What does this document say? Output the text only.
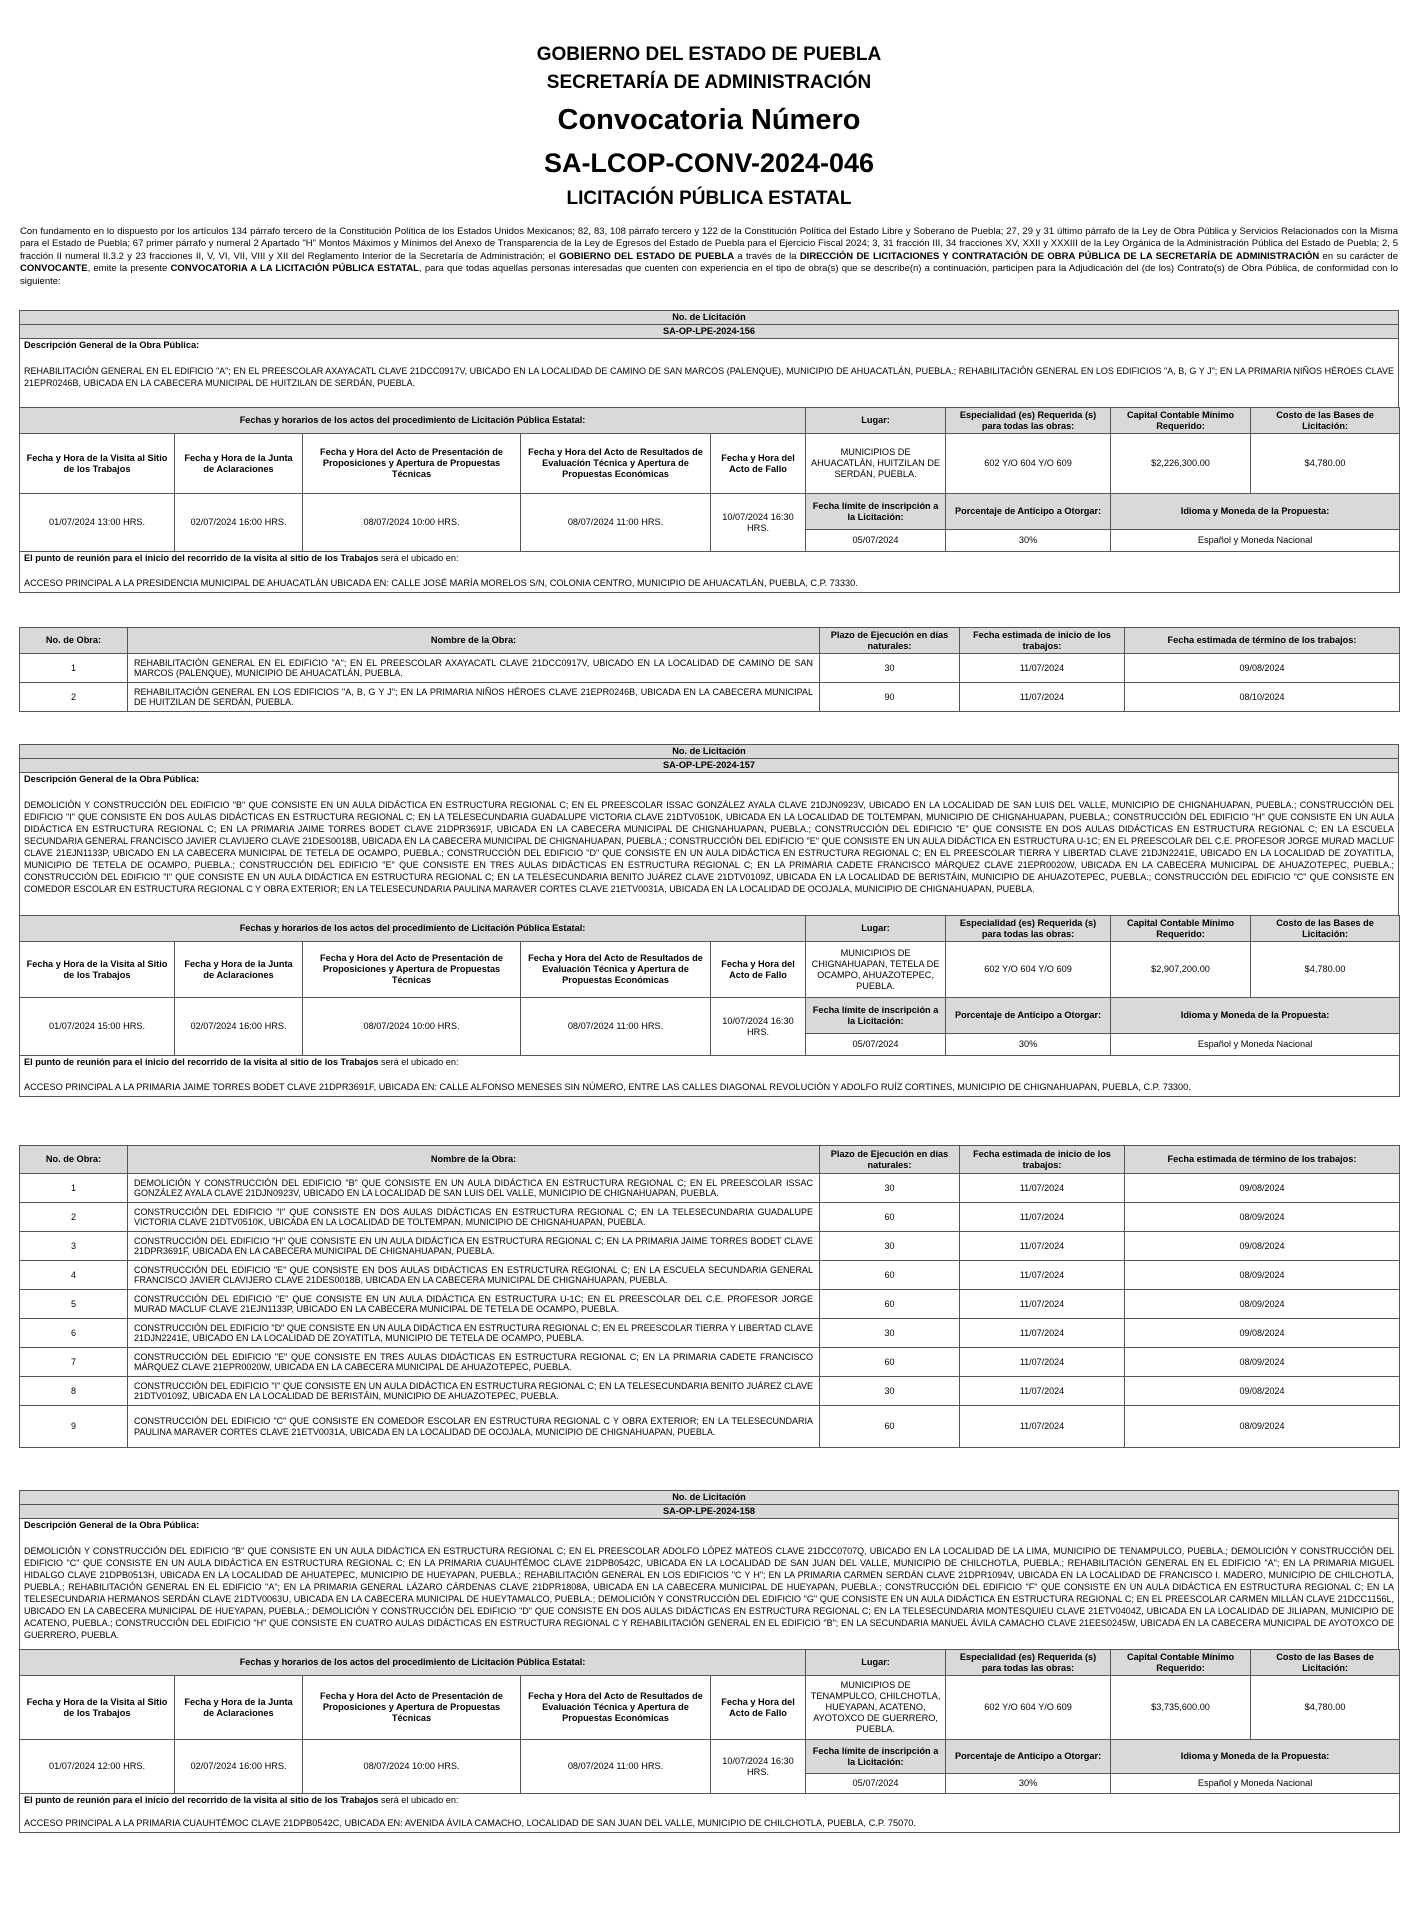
GOBIERNO DEL ESTADO DE PUEBLA
SECRETARÍA DE ADMINISTRACIÓN
Convocatoria Número
SA-LCOP-CONV-2024-046
LICITACIÓN PÚBLICA ESTATAL
Con fundamento en lo dispuesto por los artículos 134 párrafo tercero de la Constitución Política de los Estados Unidos Mexicanos; 82, 83, 108 párrafo tercero y 122 de la Constitución Política del Estado Libre y Soberano de Puebla; 27, 29 y 31 último párrafo de la Ley de Obra Pública y Servicios Relacionados con la Misma para el Estado de Puebla; 67 primer párrafo y numeral 2 Apartado "H" Montos Máximos y Mínimos del Anexo de Transparencia de la Ley de Egresos del Estado de Puebla para el Ejercicio Fiscal 2024; 3, 31 fracción III, 34 fracciones XV, XXII y XXXIII de la Ley Orgánica de la Administración Pública del Estado de Puebla; 2, 5 fracción II numeral II.3.2 y 23 fracciones II, V, VI, VII, VIII y XII del Reglamento Interior de la Secretaría de Administración; el GOBIERNO DEL ESTADO DE PUEBLA a través de la DIRECCIÓN DE LICITACIONES Y CONTRATACIÓN DE OBRA PÚBLICA DE LA SECRETARÍA DE ADMINISTRACIÓN en su carácter de CONVOCANTE, emite la presente CONVOCATORIA A LA LICITACIÓN PÚBLICA ESTATAL, para que todas aquellas personas interesadas que cuenten con experiencia en el tipo de obra(s) que se describe(n) a continuación, participen para la Adjudicación del (de los) Contrato(s) de Obra Pública, de conformidad con lo siguiente:
No. de Licitación
SA-OP-LPE-2024-156

Descripción General de la Obra Pública:
REHABILITACIÓN GENERAL EN EL EDIFICIO "A"; EN EL PREESCOLAR AXAYACATL CLAVE 21DCC0917V, UBICADO EN LA LOCALIDAD DE CAMINO DE SAN MARCOS (PALENQUE), MUNICIPIO DE AHUACATLÁN, PUEBLA.; REHABILITACIÓN GENERAL EN LOS EDIFICIOS "A, B, G Y J"; EN LA PRIMARIA NIÑOS HÉROES CLAVE 21EPR0246B, UBICADA EN LA CABECERA MUNICIPAL DE HUITZILAN DE SERDÁN, PUEBLA.
Fechas y horarios de los actos del procedimiento de Licitación Pública Estatal:					Lugar:	Especialidad (es) Requerida (s) para todas las obras:	Capital Contable Mínimo Requerido:	Costo de las Bases de Licitación:
Fecha y Hora de la Visita al Sitio de los Trabajos	Fecha y Hora de la Junta de Aclaraciones	Fecha y Hora del Acto de Presentación de Proposiciones y Apertura de Propuestas Técnicas	Fecha y Hora del Acto de Resultados de Evaluación Técnica y Apertura de Propuestas Económicas	Fecha y Hora del Acto de Fallo	MUNICIPIOS DE AHUACATLÁN, HUITZILAN DE SERDÁN, PUEBLA.	602 Y/O 604 Y/O 609	$2,226,300.00	$4,780.00
01/07/2024 13:00 HRS.	02/07/2024 16:00 HRS.	08/07/2024 10:00 HRS.	08/07/2024 11:00 HRS.	10/07/2024 16:30 HRS.	Fecha límite de inscripción a la Licitación:	Porcentaje de Anticipo a Otorgar:	Idioma y Moneda de la Propuesta:	
					05/07/2024	30%	Español y Moneda Nacional	

El punto de reunión para el inicio del recorrido de la visita al sitio de los Trabajos será el ubicado en:
ACCESO PRINCIPAL A LA PRESIDENCIA MUNICIPAL DE AHUACATLÁN UBICADA EN: CALLE JOSÉ MARÍA MORELOS S/N, COLONIA CENTRO, MUNICIPIO DE AHUACATLÁN, PUEBLA, C.P. 73330.								
No. de Obra:	Nombre de la Obra:	Plazo de Ejecución en días naturales:	Fecha estimada de inicio de los trabajos:	Fecha estimada de término de los trabajos:
1	REHABILITACIÓN GENERAL EN EL EDIFICIO "A"; EN EL PREESCOLAR AXAYACATL CLAVE 21DCC0917V, UBICADO EN LA LOCALIDAD DE CAMINO DE SAN MARCOS (PALENQUE), MUNICIPIO DE AHUACATLÁN, PUEBLA.	30	11/07/2024	09/08/2024
2	REHABILITACIÓN GENERAL EN LOS EDIFICIOS "A, B, G Y J"; EN LA PRIMARIA NIÑOS HÉROES CLAVE 21EPR0246B, UBICADA EN LA CABECERA MUNICIPAL DE HUITZILAN DE SERDÁN, PUEBLA.	90	11/07/2024	08/10/2024
No. de Licitación
SA-OP-LPE-2024-157

Descripción General de la Obra Pública:
DEMOLICIÓN Y CONSTRUCCIÓN DEL EDIFICIO "B" QUE CONSISTE EN UN AULA DIDÁCTICA EN ESTRUCTURA REGIONAL C; EN EL PREESCOLAR ISSAC GONZÁLEZ AYALA CLAVE 21DJN0923V, UBICADO EN LA LOCALIDAD DE SAN LUIS DEL VALLE, MUNICIPIO DE CHIGNAHUAPAN, PUEBLA.; CONSTRUCCIÓN DEL EDIFICIO "I" QUE CONSISTE EN DOS AULAS DIDÁCTICAS EN ESTRUCTURA REGIONAL C; EN LA TELESECUNDARIA GUADALUPE VICTORIA CLAVE 21DTV0510K, UBICADA EN LA LOCALIDAD DE TOLTEMPAN, MUNICIPIO DE CHIGNAHUAPAN, PUEBLA.; CONSTRUCCIÓN DEL EDIFICIO "H" QUE CONSISTE EN UN AULA DIDÁCTICA EN ESTRUCTURA REGIONAL C; EN LA PRIMARIA JAIME TORRES BODET CLAVE 21DPR3691F, UBICADA EN LA CABECERA MUNICIPAL DE CHIGNAHUAPAN, PUEBLA.; CONSTRUCCIÓN DEL EDIFICIO "E" QUE CONSISTE EN DOS AULAS DIDÁCTICAS EN ESTRUCTURA REGIONAL C; EN LA ESCUELA SECUNDARIA GENERAL FRANCISCO JAVIER CLAVIJERO CLAVE 21DES0018B, UBICADA EN LA CABECERA MUNICIPAL DE CHIGNAHUAPAN, PUEBLA.; CONSTRUCCIÓN DEL EDIFICIO "E" QUE CONSISTE EN UN AULA DIDÁCTICA EN ESTRUCTURA U-1C; EN EL PREESCOLAR DEL C.E. PROFESOR JORGE MURAD MACLUF CLAVE 21EJN1133P, UBICADO EN LA CABECERA MUNICIPAL DE TETELA DE OCAMPO, PUEBLA.; CONSTRUCCIÓN DEL EDIFICIO "D" QUE CONSISTE EN UN AULA DIDÁCTICA EN ESTRUCTURA REGIONAL C; EN EL PREESCOLAR TIERRA Y LIBERTAD CLAVE 21DJN2241E, UBICADO EN LA LOCALIDAD DE ZOYATITLA, MUNICIPIO DE TETELA DE OCAMPO, PUEBLA.; CONSTRUCCIÓN DEL EDIFICIO "E" QUE CONSISTE EN TRES AULAS DIDÁCTICAS EN ESTRUCTURA REGIONAL C; EN LA PRIMARIA CADETE FRANCISCO MÁRQUEZ CLAVE 21EPR0020W, UBICADA EN LA CABECERA MUNICIPAL DE AHUAZOTEPEC, PUEBLA.; CONSTRUCCIÓN DEL EDIFICIO "I" QUE CONSISTE EN UN AULA DIDÁCTICA EN ESTRUCTURA REGIONAL C; EN LA TELESECUNDARIA BENITO JUÁREZ CLAVE 21DTV0109Z, UBICADA EN LA LOCALIDAD DE BERISTÁIN, MUNICIPIO DE AHUAZOTEPEC, PUEBLA.; CONSTRUCCIÓN DEL EDIFICIO "C" QUE CONSISTE EN COMEDOR ESCOLAR EN ESTRUCTURA REGIONAL C Y OBRA EXTERIOR; EN LA TELESECUNDARIA PAULINA MARAVER CORTES CLAVE 21ETV0031A, UBICADA EN LA LOCALIDAD DE OCOJALA, MUNICIPIO DE CHIGNAHUAPAN, PUEBLA.
Fechas y horarios de los actos del procedimiento de Licitación Pública Estatal:					Lugar:	Especialidad (es) Requerida (s) para todas las obras:	Capital Contable Mínimo Requerido:	Costo de las Bases de Licitación:
Fecha y Hora de la Visita al Sitio de los Trabajos	Fecha y Hora de la Junta de Aclaraciones	Fecha y Hora del Acto de Presentación de Proposiciones y Apertura de Propuestas Técnicas	Fecha y Hora del Acto de Resultados de Evaluación Técnica y Apertura de Propuestas Económicas	Fecha y Hora del Acto de Fallo	MUNICIPIOS DE CHIGNAHUAPAN, TETELA DE OCAMPO, AHUAZOTEPEC, PUEBLA.	602 Y/O 604 Y/O 609	$2,907,200.00	$4,780.00
01/07/2024 15:00 HRS.	02/07/2024 16:00 HRS.	08/07/2024 10:00 HRS.	08/07/2024 11:00 HRS.	10/07/2024 16:30 HRS.	Fecha límite de inscripción a la Licitación:	Porcentaje de Anticipo a Otorgar:	Idioma y Moneda de la Propuesta:	
					05/07/2024	30%	Español y Moneda Nacional	

El punto de reunión para el inicio del recorrido de la visita al sitio de los Trabajos será el ubicado en:
ACCESO PRINCIPAL A LA PRIMARIA JAIME TORRES BODET CLAVE 21DPR3691F, UBICADA EN: CALLE ALFONSO MENESES SIN NÚMERO, ENTRE LAS CALLES DIAGONAL REVOLUCIÓN Y ADOLFO RUÍZ CORTINES, MUNICIPIO DE CHIGNAHUAPAN, PUEBLA, C.P. 73300.								
No. de Obra:	Nombre de la Obra:	Plazo de Ejecución en días naturales:	Fecha estimada de inicio de los trabajos:	Fecha estimada de término de los trabajos:
1	DEMOLICIÓN Y CONSTRUCCIÓN DEL EDIFICIO "B" QUE CONSISTE EN UN AULA DIDÁCTICA EN ESTRUCTURA REGIONAL C; EN EL PREESCOLAR ISSAC GONZÁLEZ AYALA CLAVE 21DJN0923V, UBICADO EN LA LOCALIDAD DE SAN LUIS DEL VALLE, MUNICIPIO DE CHIGNAHUAPAN, PUEBLA.	30	11/07/2024	09/08/2024
2	CONSTRUCCIÓN DEL EDIFICIO "I" QUE CONSISTE EN DOS AULAS DIDÁCTICAS EN ESTRUCTURA REGIONAL C; EN LA TELESECUNDARIA GUADALUPE VICTORIA CLAVE 21DTV0510K, UBICADA EN LA LOCALIDAD DE TOLTEMPAN, MUNICIPIO DE CHIGNAHUAPAN, PUEBLA.	60	11/07/2024	08/09/2024
3	CONSTRUCCIÓN DEL EDIFICIO "H" QUE CONSISTE EN UN AULA DIDÁCTICA EN ESTRUCTURA REGIONAL C; EN LA PRIMARIA JAIME TORRES BODET CLAVE 21DPR3691F, UBICADA EN LA CABECERA MUNICIPAL DE CHIGNAHUAPAN, PUEBLA.	30	11/07/2024	09/08/2024
4	CONSTRUCCIÓN DEL EDIFICIO "E" QUE CONSISTE EN DOS AULAS DIDÁCTICAS EN ESTRUCTURA REGIONAL C; EN LA ESCUELA SECUNDARIA GENERAL FRANCISCO JAVIER CLAVIJERO CLAVE 21DES0018B, UBICADA EN LA CABECERA MUNICIPAL DE CHIGNAHUAPAN, PUEBLA.	60	11/07/2024	08/09/2024
5	CONSTRUCCIÓN DEL EDIFICIO "E" QUE CONSISTE EN UN AULA DIDÁCTICA EN ESTRUCTURA U-1C; EN EL PREESCOLAR DEL C.E. PROFESOR JORGE MURAD MACLUF CLAVE 21EJN1133P, UBICADO EN LA CABECERA MUNICIPAL DE TETELA DE OCAMPO, PUEBLA.	60	11/07/2024	08/09/2024
6	CONSTRUCCIÓN DEL EDIFICIO "D" QUE CONSISTE EN UN AULA DIDÁCTICA EN ESTRUCTURA REGIONAL C; EN EL PREESCOLAR TIERRA Y LIBERTAD CLAVE 21DJN2241E, UBICADO EN LA LOCALIDAD DE ZOYATITLA, MUNICIPIO DE TETELA DE OCAMPO, PUEBLA.	30	11/07/2024	09/08/2024
7	CONSTRUCCIÓN DEL EDIFICIO "E" QUE CONSISTE EN TRES AULAS DIDÁCTICAS EN ESTRUCTURA REGIONAL C; EN LA PRIMARIA CADETE FRANCISCO MÁRQUEZ CLAVE 21EPR0020W, UBICADA EN LA CABECERA MUNICIPAL DE AHUAZOTEPEC, PUEBLA.	60	11/07/2024	08/09/2024
8	CONSTRUCCIÓN DEL EDIFICIO "I" QUE CONSISTE EN UN AULA DIDÁCTICA EN ESTRUCTURA REGIONAL C; EN LA TELESECUNDARIA BENITO JUÁREZ CLAVE 21DTV0109Z, UBICADA EN LA LOCALIDAD DE BERISTÁIN, MUNICIPIO DE AHUAZOTEPEC, PUEBLA.	30	11/07/2024	09/08/2024
9	CONSTRUCCIÓN DEL EDIFICIO "C" QUE CONSISTE EN COMEDOR ESCOLAR EN ESTRUCTURA REGIONAL C Y OBRA EXTERIOR; EN LA TELESECUNDARIA PAULINA MARAVER CORTES CLAVE 21ETV0031A, UBICADA EN LA LOCALIDAD DE OCOJALA, MUNICIPIO DE CHIGNAHUAPAN, PUEBLA.	60	11/07/2024	08/09/2024
No. de Licitación
SA-OP-LPE-2024-158

Descripción General de la Obra Pública:
DEMOLICIÓN Y CONSTRUCCIÓN DEL EDIFICIO "B" QUE CONSISTE EN UN AULA DIDÁCTICA EN ESTRUCTURA REGIONAL C; EN EL PREESCOLAR ADOLFO LÓPEZ MATEOS CLAVE 21DCC0707Q, UBICADO EN LA LOCALIDAD DE LA LIMA, MUNICIPIO DE TENAMPULCO, PUEBLA.; DEMOLICIÓN Y CONSTRUCCIÓN DEL EDIFICIO "C" QUE CONSISTE EN UN AULA DIDÁCTICA EN ESTRUCTURA REGIONAL C; EN LA PRIMARIA CUAUHTÉMOC CLAVE 21DPB0542C, UBICADA EN LA LOCALIDAD DE SAN JUAN DEL VALLE, MUNICIPIO DE CHILCHOTLA, PUEBLA.; REHABILITACIÓN GENERAL EN EL EDIFICIO "A"; EN LA PRIMARIA MIGUEL HIDALGO CLAVE 21DPB0513H, UBICADA EN LA LOCALIDAD DE AHUATEPEC, MUNICIPIO DE HUEYAPAN, PUEBLA.; REHABILITACIÓN GENERAL EN LOS EDIFICIOS "C Y H"; EN LA PRIMARIA CARMEN SERDÁN CLAVE 21DPR1094V, UBICADA EN LA LOCALIDAD DE FRANCISCO I. MADERO, MUNICIPIO DE CHILCHOTLA, PUEBLA.; REHABILITACIÓN GENERAL EN EL EDIFICIO "A"; EN LA PRIMARIA GENERAL LÁZARO CÁRDENAS CLAVE 21DPR1808A, UBICADA EN LA CABECERA MUNICIPAL DE HUEYAPAN, PUEBLA.; CONSTRUCCIÓN DEL EDIFICIO "F" QUE CONSISTE EN UN AULA DIDÁCTICA EN ESTRUCTURA REGIONAL C; EN LA TELESECUNDARIA HERMANOS SERDÁN CLAVE 21DTV0063U, UBICADA EN LA CABECERA MUNICIPAL DE HUEYTAMALCO, PUEBLA.; DEMOLICIÓN Y CONSTRUCCIÓN DEL EDIFICIO "G" QUE CONSISTE EN UN AULA DIDÁCTICA EN ESTRUCTURA REGIONAL C; EN EL PREESCOLAR CARMEN MILLÁN CLAVE 21DCC1156L, UBICADO EN LA CABECERA MUNICIPAL DE HUEYAPAN, PUEBLA.; DEMOLICIÓN Y CONSTRUCCIÓN DEL EDIFICIO "D" QUE CONSISTE EN DOS AULAS DIDÁCTICAS EN ESTRUCTURA REGIONAL C; EN LA TELESECUNDARIA MONTESQUIEU CLAVE 21ETV0404Z, UBICADA EN LA LOCALIDAD DE JILIAPAN, MUNICIPIO DE ACATENO, PUEBLA.; CONSTRUCCIÓN DEL EDIFICIO "H" QUE CONSISTE EN CUATRO AULAS DIDÁCTICAS EN ESTRUCTURA REGIONAL C Y REHABILITACIÓN GENERAL EN EL EDIFICIO "B"; EN LA SECUNDARIA MANUEL ÁVILA CAMACHO CLAVE 21EES0245W, UBICADA EN LA CABECERA MUNICIPAL DE AYOTOXCO DE GUERRERO, PUEBLA.
Fechas y horarios de los actos del procedimiento de Licitación Pública Estatal:					Lugar:	Especialidad (es) Requerida (s) para todas las obras:	Capital Contable Mínimo Requerido:	Costo de las Bases de Licitación:
Fecha y Hora de la Visita al Sitio de los Trabajos	Fecha y Hora de la Junta de Aclaraciones	Fecha y Hora del Acto de Presentación de Proposiciones y Apertura de Propuestas Técnicas	Fecha y Hora del Acto de Resultados de Evaluación Técnica y Apertura de Propuestas Económicas	Fecha y Hora del Acto de Fallo	MUNICIPIOS DE TENAMPULCO, CHILCHOTLA, HUEYAPAN, ACATENO, AYOTOXCO DE GUERRERO, PUEBLA.	602 Y/O 604 Y/O 609	$3,735,600.00	$4,780.00
01/07/2024 12:00 HRS.	02/07/2024 16:00 HRS.	08/07/2024 10:00 HRS.	08/07/2024 11:00 HRS.	10/07/2024 16:30 HRS.	Fecha límite de inscripción a la Licitación:	Porcentaje de Anticipo a Otorgar:	Idioma y Moneda de la Propuesta:	
					05/07/2024	30%	Español y Moneda Nacional	

El punto de reunión para el inicio del recorrido de la visita al sitio de los Trabajos será el ubicado en:
ACCESO PRINCIPAL A LA PRIMARIA CUAUHTÉMOC CLAVE 21DPB0542C, UBICADA EN: AVENIDA ÁVILA CAMACHO, LOCALIDAD DE SAN JUAN DEL VALLE, MUNICIPIO DE CHILCHOTLA, PUEBLA, C.P. 75070.								
